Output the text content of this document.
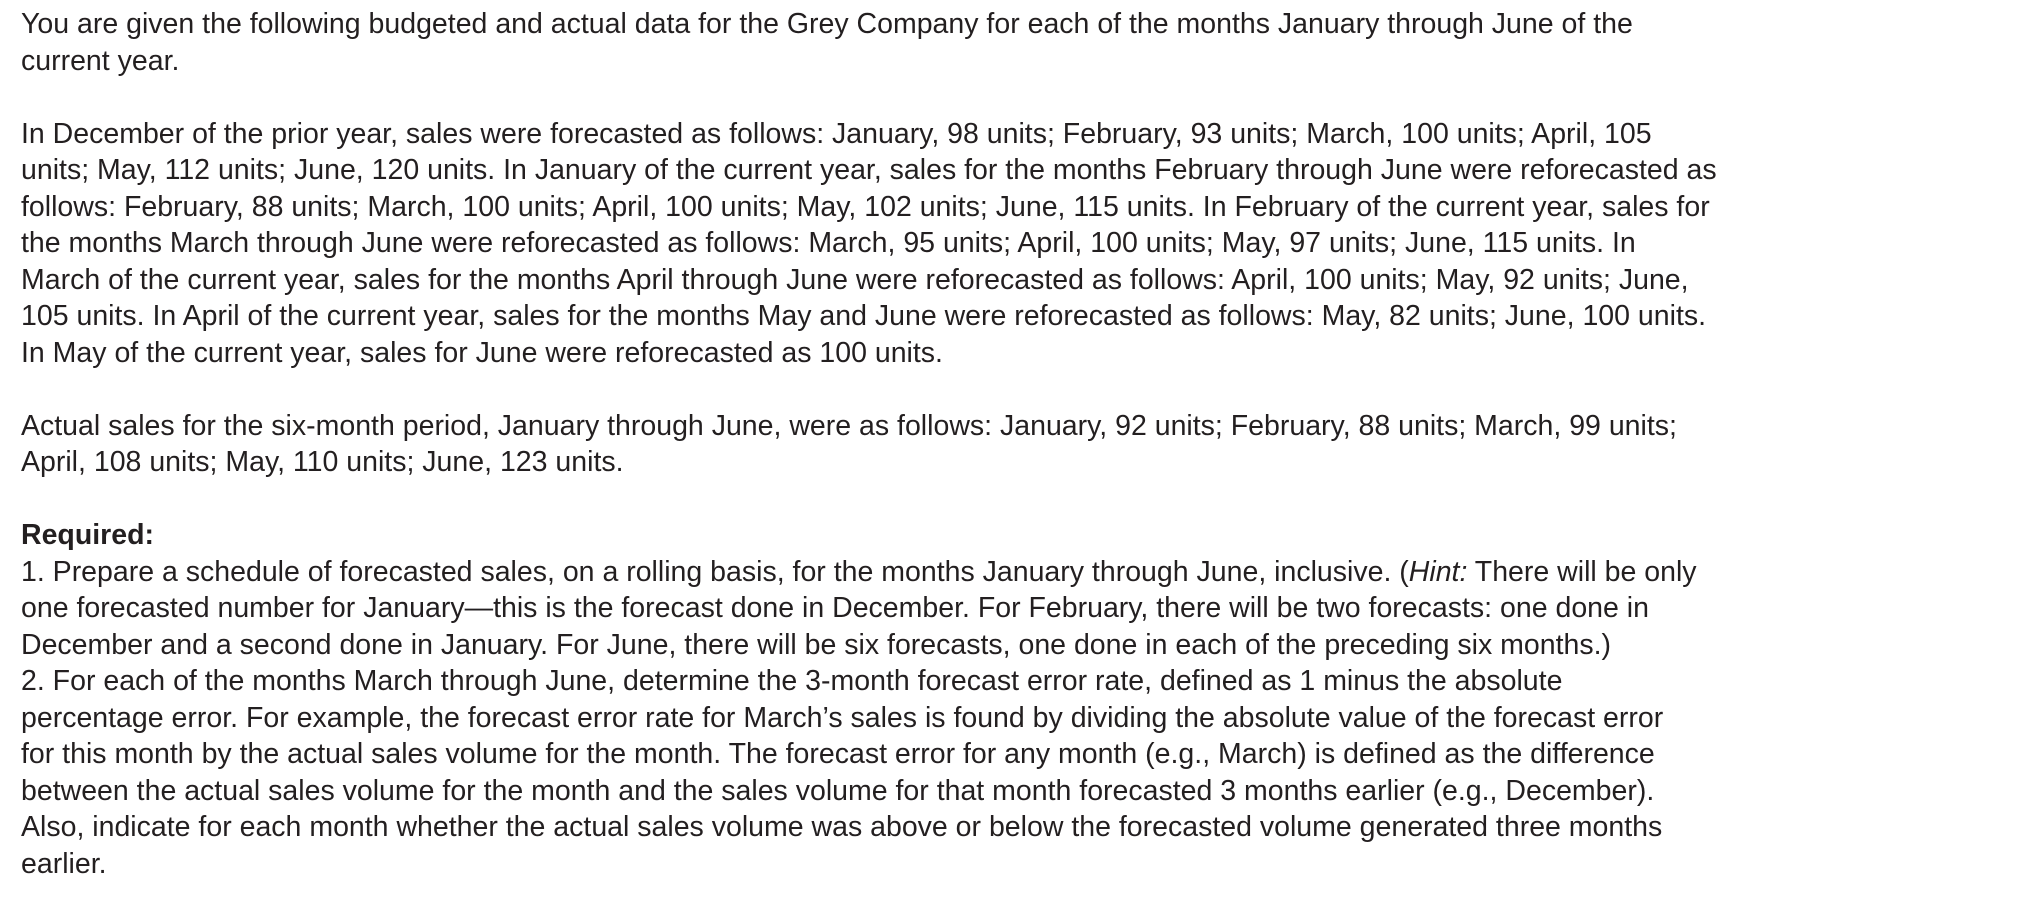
You are given the following budgeted and actual data for the Grey Company for each of the months January through June of the
current year.
In December of the prior year, sales were forecasted as follows: January, 98 units; February, 93 units; March, 100 units; April, 105
units; May, 112 units; June, 120 units. In January of the current year, sales for the months February through June were reforecasted as
follows: February, 88 units; March, 100 units; April, 100 units; May, 102 units; June, 115 units. In February of the current year, sales for
the months March through June were reforecasted as follows: March, 95 units; April, 100 units; May, 97 units; June, 115 units. In
March of the current year, sales for the months April through June were reforecasted as follows: April, 100 units; May, 92 units; June,
105 units. In April of the current year, sales for the months May and June were reforecasted as follows: May, 82 units; June, 100 units.
In May of the current year, sales for June were reforecasted as 100 units.
Actual sales for the six-month period, January through June, were as follows: January, 92 units; February, 88 units; March, 99 units;
April, 108 units; May, 110 units; June, 123 units.
Required:
1. Prepare a schedule of forecasted sales, on a rolling basis, for the months January through June, inclusive. (Hint: There will be only
one forecasted number for January—this is the forecast done in December. For February, there will be two forecasts: one done in
December and a second done in January. For June, there will be six forecasts, one done in each of the preceding six months.)
2. For each of the months March through June, determine the 3-month forecast error rate, defined as 1 minus the absolute
percentage error. For example, the forecast error rate for March’s sales is found by dividing the absolute value of the forecast error
for this month by the actual sales volume for the month. The forecast error for any month (e.g., March) is defined as the difference
between the actual sales volume for the month and the sales volume for that month forecasted 3 months earlier (e.g., December).
Also, indicate for each month whether the actual sales volume was above or below the forecasted volume generated three months
earlier.
